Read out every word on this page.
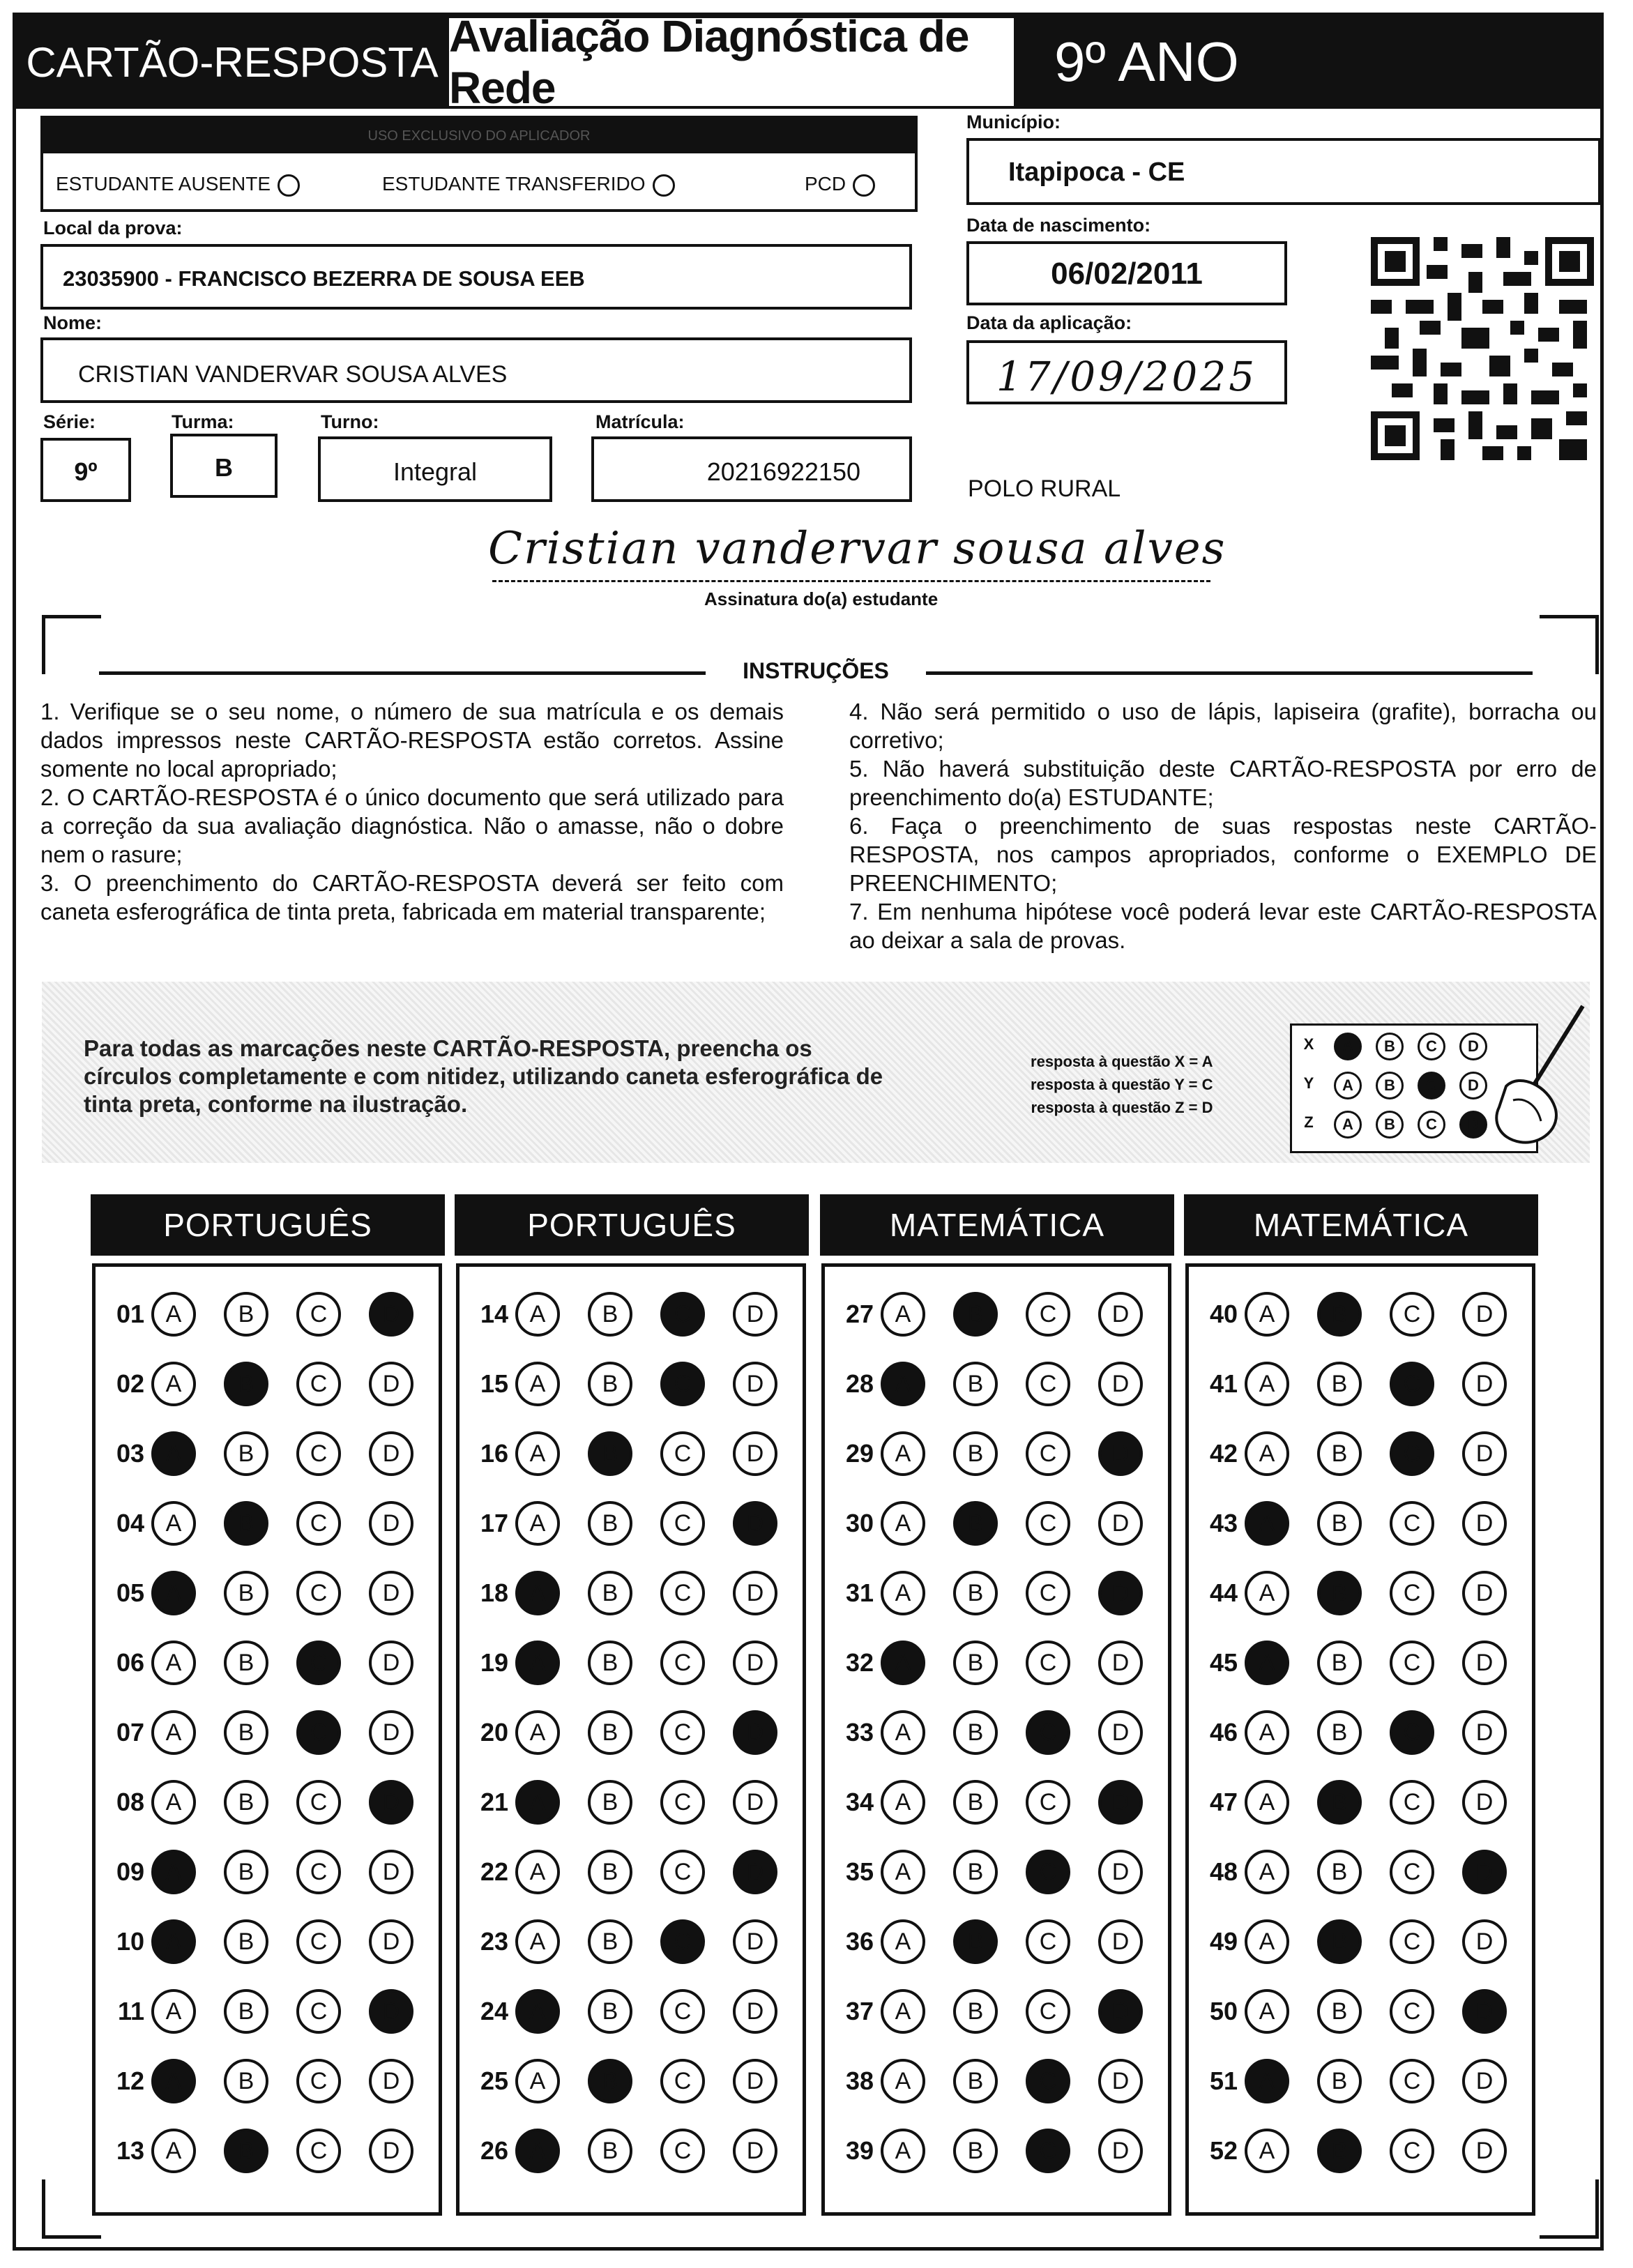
CARTÃO-RESPOSTA
Avaliação Diagnóstica de Rede	9º ANO
USO EXCLUSIVO DO APLICADOR
ESTUDANTE AUSENTE	ESTUDANTE TRANSFERIDO	PCD
Município:
Itapipoca - CE
Local da prova:
23035900 - FRANCISCO BEZERRA DE SOUSA EEB
Data de nascimento:
06/02/2011
Nome:
CRISTIAN VANDERVAR SOUSA ALVES
Data da aplicação:
17/09/2025
Série:
9º
Turma:
B
Turno:
Integral
Matrícula:
20216922150
POLO RURAL
Cristian vandervar sousa alves
Assinatura do(a) estudante
INSTRUÇÕES

1. Verifique se o seu nome, o número de sua matrícula e os demais dados impressos neste CARTÃO-RESPOSTA estão corretos. Assine somente no local apropriado;

2. O CARTÃO-RESPOSTA é o único documento que será utilizado para a correção da sua avaliação diagnóstica. Não o amasse, não o dobre nem o rasure;

3. O preenchimento do CARTÃO-RESPOSTA deverá ser feito com caneta esferográfica de tinta preta, fabricada em material transparente;

4. Não será permitido o uso de lápis, lapiseira (grafite), borracha ou corretivo;

5. Não haverá substituição deste CARTÃO-RESPOSTA por erro de preenchimento do(a) ESTUDANTE;

6. Faça o preenchimento de suas respostas neste CARTÃO-RESPOSTA, nos campos apropriados, conforme o EXEMPLO DE PREENCHIMENTO;

7. Em nenhuma hipótese você poderá levar este CARTÃO-RESPOSTA ao deixar a sala de provas.

Para todas as marcações neste CARTÃO-RESPOSTA, preencha os círculos completamente e com nitidez, utilizando caneta esferográfica de tinta preta, conforme na ilustração.
resposta à questão X = A
resposta à questão Y = C
resposta à questão Z = D
X	A	B	C	D
Y	A	B	C	D
Z	A	B	C	D
PORTUGUÊS
01 A	B	C	D
02 A	B	C	D
03 A	B	C	D
04 A	B	C	D
05 A	B	C	D
06 A	B	C	D
07 A	B	C	D
08 A	B	C	D
09 A	B	C	D
10 A	B	C	D
11 A	B	C	D
12 A	B	C	D
13 A	B	C	D
PORTUGUÊS
14 A	B	C	D
15 A	B	C	D
16 A	B	C	D
17 A	B	C	D
18 A	B	C	D
19 A	B	C	D
20 A	B	C	D
21 A	B	C	D
22 A	B	C	D
23 A	B	C	D
24 A	B	C	D
25 A	B	C	D
26 A	B	C	D
MATEMÁTICA
27 A	B	C	D
28 A	B	C	D
29 A	B	C	D
30 A	B	C	D
31 A	B	C	D
32 A	B	C	D
33 A	B	C	D
34 A	B	C	D
35 A	B	C	D
36 A	B	C	D
37 A	B	C	D
38 A	B	C	D
39 A	B	C	D
MATEMÁTICA
40 A	B	C	D
41 A	B	C	D
42 A	B	C	D
43 A	B	C	D
44 A	B	C	D
45 A	B	C	D
46 A	B	C	D
47 A	B	C	D
48 A	B	C	D
49 A	B	C	D
50 A	B	C	D
51 A	B	C	D
52 A	B	C	D
